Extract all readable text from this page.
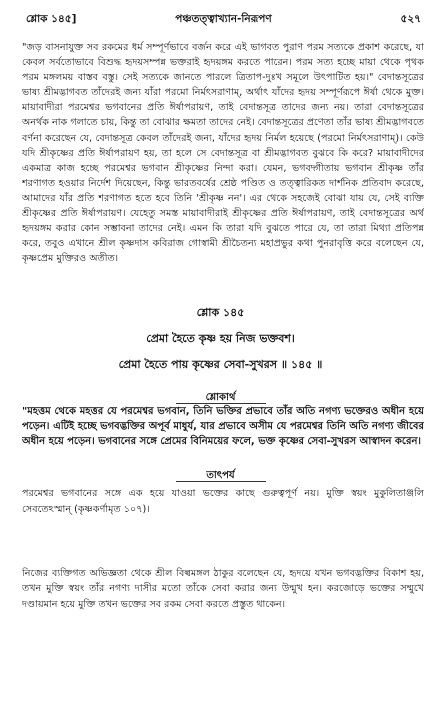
শ্লোক ১৪৫]	পঞ্চতত্ত্বাখ্যান-নিরূপণ	৫২৭

"জড় বাসনাযুক্ত সব রকমের ধর্ম সম্পূর্ণভাবে বর্জন করে এই ভাগবত পুরাণ পরম সত্যকে প্রকাশ করেছে, যা কেবল সর্বতোভাবে বিশুদ্ধ হৃদয়সম্পন্ন ভক্তরাই হৃদয়ঙ্গম করতে পারেন। পরম সত্য হচ্ছে মায়া থেকে পৃথক পরম মঙ্গলময় বাস্তব বস্তু। সেই সত্যকে জানতে পারলে ত্রিতাপ-দুঃখ সমূলে উৎপাটিত হয়।" বেদান্তসূত্রের ভাষ্য শ্রীমদ্ভাগবত তাঁদেরই জন্য যাঁরা পরমো নির্মৎসরাণাম্, অর্থাৎ যাঁদের হৃদয় সম্পূর্ণরূপে ঈর্ষা থেকে মুক্ত। মায়াবাদীরা পরমেশ্বর ভগবানের প্রতি ঈর্ষাপরায়ণ, তাই বেদান্তসূত্র তাদের জন্য নয়। তারা বেদান্তসূত্রের অনর্থক নাক গলাতে চায়, কিন্তু তা বোঝার ক্ষমতা তাদের নেই। বেদান্তসূত্রের প্রণেতা তাঁর ভাষ্য শ্রীমদ্ভাগবতে বর্ণনা করেছেন যে, বেদান্তসূত্র কেবল তাঁদেরই জন্য, যাঁদের হৃদয় নির্মল হয়েছে (পরমো নির্মৎসরাণাম্)। কেউ যদি শ্রীকৃষ্ণের প্রতি ঈর্ষাপরায়ণ হয়, তা হলে সে বেদান্তসূত্র বা শ্রীমদ্ভাগবত বুঝবে কি করে? মায়াবাদীদের একমাত্র কাজ হচ্ছে পরমেশ্বর ভগবান শ্রীকৃষ্ণের নিন্দা করা। যেমন, ভগবদ্গীতায় ভগবান শ্রীকৃষ্ণ তাঁর শরণাগত হওয়ার নির্দেশ দিয়েছেন, কিন্তু ভারতবর্ষের শ্রেষ্ঠ পণ্ডিত ও তত্ত্বারিকত দার্শনিক প্রতিবাদ করেছে, আমাদের যাঁর প্রতি শরণাগত হতে হবে তিনি 'শ্রীকৃষ্ণ নন'। এর থেকে সহজেই বোঝা যায় যে, সেই ব্যক্তি শ্রীকৃষ্ণের প্রতি ঈর্ষাপরায়ণ। যেহেতু সমস্ত মায়াবাদীরাই শ্রীকৃষ্ণের প্রতি ঈর্ষাপরায়ণ, তাই বেদান্তসূত্রের অর্থ হৃদয়ঙ্গম করার কোন সম্ভাবনা তাদের নেই। এমন কি তারা যদি বুঝতে পারে যে, তা তারা মিথ্যা প্রতিপন্ন করে, তবুও এখানে শ্রীল কৃষ্ণদাস কবিরাজ গোস্বামী শ্রীচৈতন্য মহাপ্রভুর কথা পুনরাবৃত্তি করে বলেছেন যে, কৃষ্ণপ্রেম মুক্তিরও অতীত।

শ্লোক ১৪৫
প্রেমা হৈতে কৃষ্ণ হয় নিজ ভক্তবশ।
প্রেমা হৈতে পায় কৃষ্ণের সেবা-সুখরস ॥ ১৪৫ ॥
শ্লোকার্থ

"মহত্তম থেকে মহত্তর যে পরমেশ্বর ভগবান, তিনি ভক্তির প্রভাবে তাঁর অতি নগণ্য ভক্তেরও অধীন হয়ে পড়েন। এটিই হচ্ছে ভগবদ্ভক্তির অপূর্ব মাধুর্য, যার প্রভাবে অসীম যে পরমেশ্বর তিনি অতি নগণ্য জীবের অধীন হয়ে পড়েন। ভগবানের সঙ্গে প্রেমের বিনিময়ের ফলে, ভক্ত কৃষ্ণের সেবা-সুখরস আস্বাদন করেন।

তাৎপর্য

পরমেশ্বর ভগবানের সঙ্গে এক হয়ে যাওয়া ভক্তের কাছে গুরুত্বপূর্ণ নয়। মুক্তি স্বয়ং মুকুলিতাঞ্জলি সেবতেঽস্মান্ (কৃষ্ণকর্ণামৃত ১০৭)।

নিজের ব্যক্তিগত অভিজ্ঞতা থেকে শ্রীল বিল্বমঙ্গল ঠাকুর বলেছেন যে, হৃদয়ে যখন ভগবদ্ভক্তির বিকাশ হয়, তখন মুক্তি স্বয়ং তাঁর নগণ্য দাসীর মতো তাঁকে সেবা করার জন্য উন্মুখ হন। করজোড়ে ভক্তের সম্মুখে দণ্ডায়মান হয়ে মুক্তি তখন ভক্তের সব রকম সেবা করতে প্রস্তুত থাকেন।
